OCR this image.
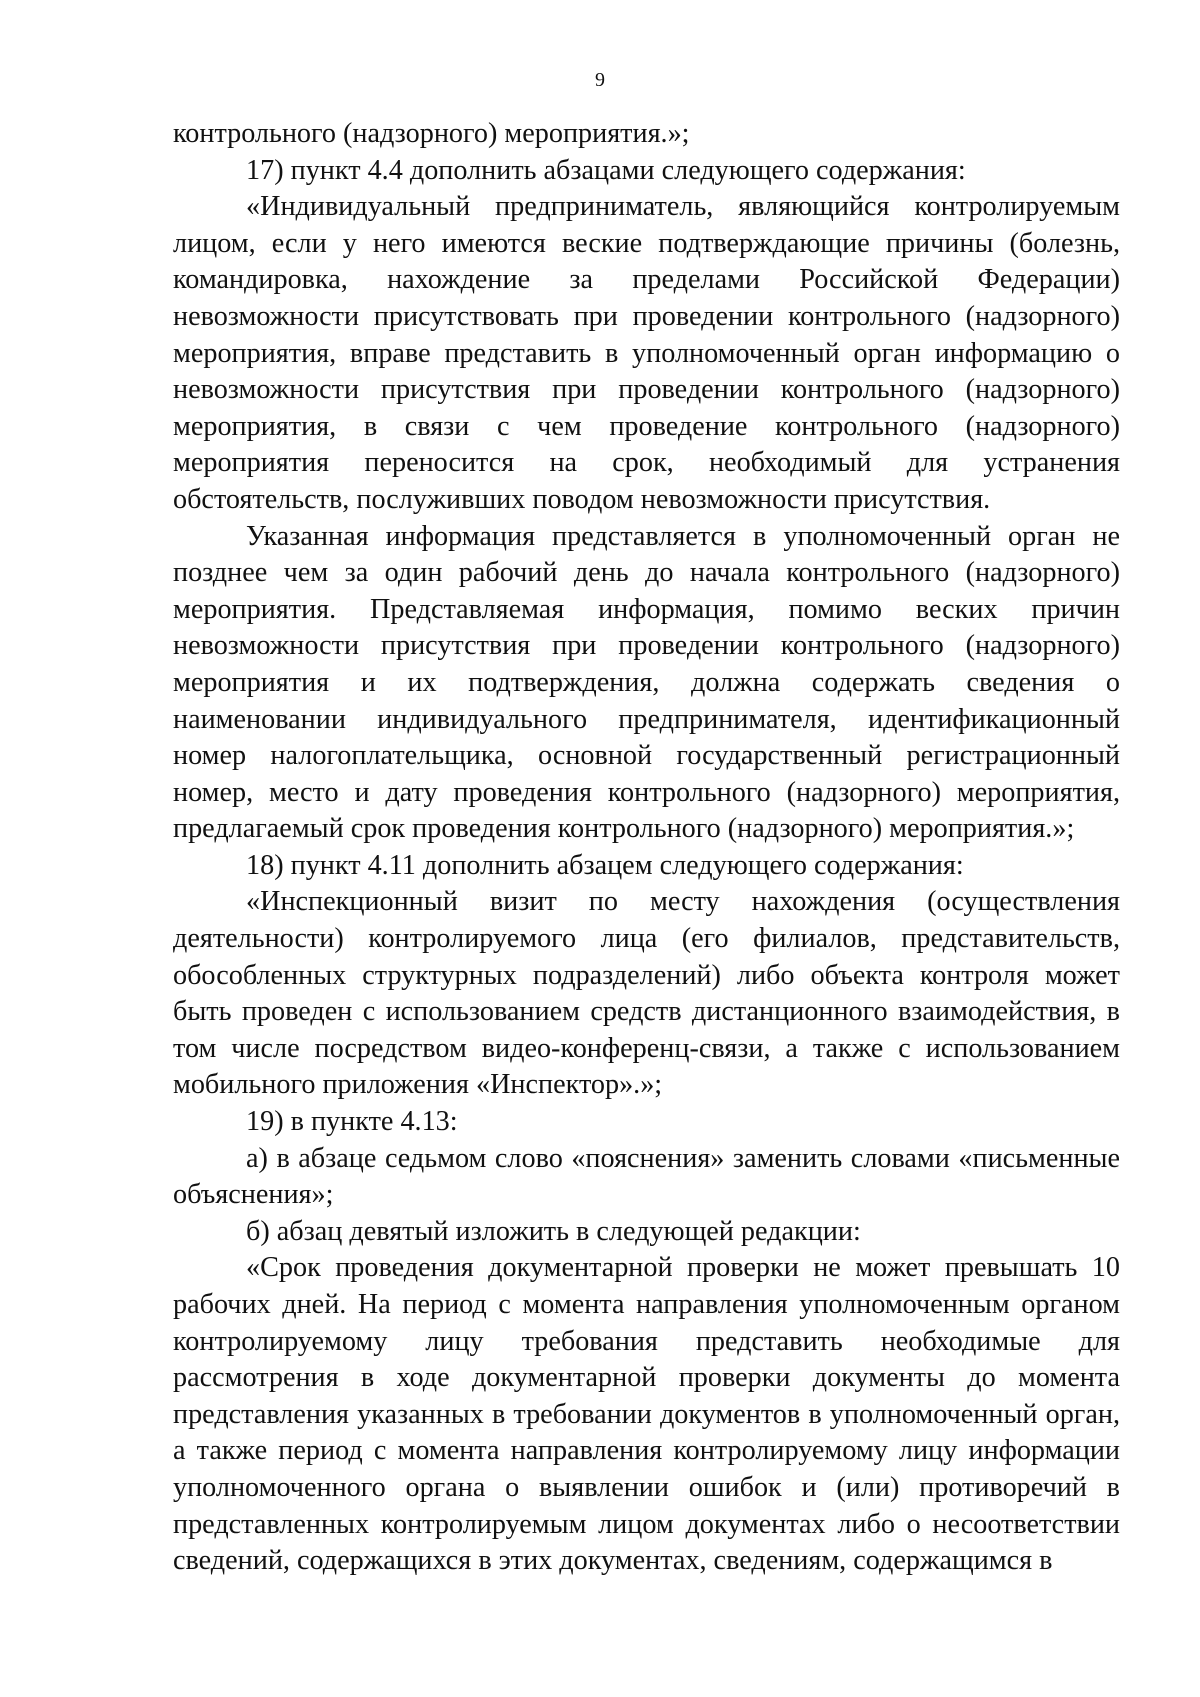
9

контрольного (надзорного) мероприятия.»;

17) пункт 4.4 дополнить абзацами следующего содержания:

«Индивидуальный предприниматель, являющийся контролируемым лицом, если у него имеются веские подтверждающие причины (болезнь, командировка, нахождение за пределами Российской Федерации) невозможности присутствовать при проведении контрольного (надзорного) мероприятия, вправе представить в уполномоченный орган информацию о невозможности присутствия при проведении контрольного (надзорного) мероприятия, в связи с чем проведение контрольного (надзорного) мероприятия переносится на срок, необходимый для устранения обстоятельств, послуживших поводом невозможности присутствия.

Указанная информация представляется в уполномоченный орган не позднее чем за один рабочий день до начала контрольного (надзорного) мероприятия. Представляемая информация, помимо веских причин невозможности присутствия при проведении контрольного (надзорного) мероприятия и их подтверждения, должна содержать сведения о наименовании индивидуального предпринимателя, идентификационный номер налогоплательщика, основной государственный регистрационный номер, место и дату проведения контрольного (надзорного) мероприятия, предлагаемый срок проведения контрольного (надзорного) мероприятия.»;

18) пункт 4.11 дополнить абзацем следующего содержания:

«Инспекционный визит по месту нахождения (осуществления деятельности) контролируемого лица (его филиалов, представительств, обособленных структурных подразделений) либо объекта контроля может быть проведен с использованием средств дистанционного взаимодействия, в том числе посредством видео-конференц-связи, а также с использованием мобильного приложения «Инспектор».»;

19) в пункте 4.13:

а) в абзаце седьмом слово «пояснения» заменить словами «письменные объяснения»;

б) абзац девятый изложить в следующей редакции:

«Срок проведения документарной проверки не может превышать 10 рабочих дней. На период с момента направления уполномоченным органом контролируемому лицу требования представить необходимые для рассмотрения в ходе документарной проверки документы до момента представления указанных в требовании документов в уполномоченный орган, а также период с момента направления контролируемому лицу информации уполномоченного органа о выявлении ошибок и (или) противоречий в представленных контролируемым лицом документах либо о несоответствии сведений, содержащихся в этих документах, сведениям, содержащимся в
